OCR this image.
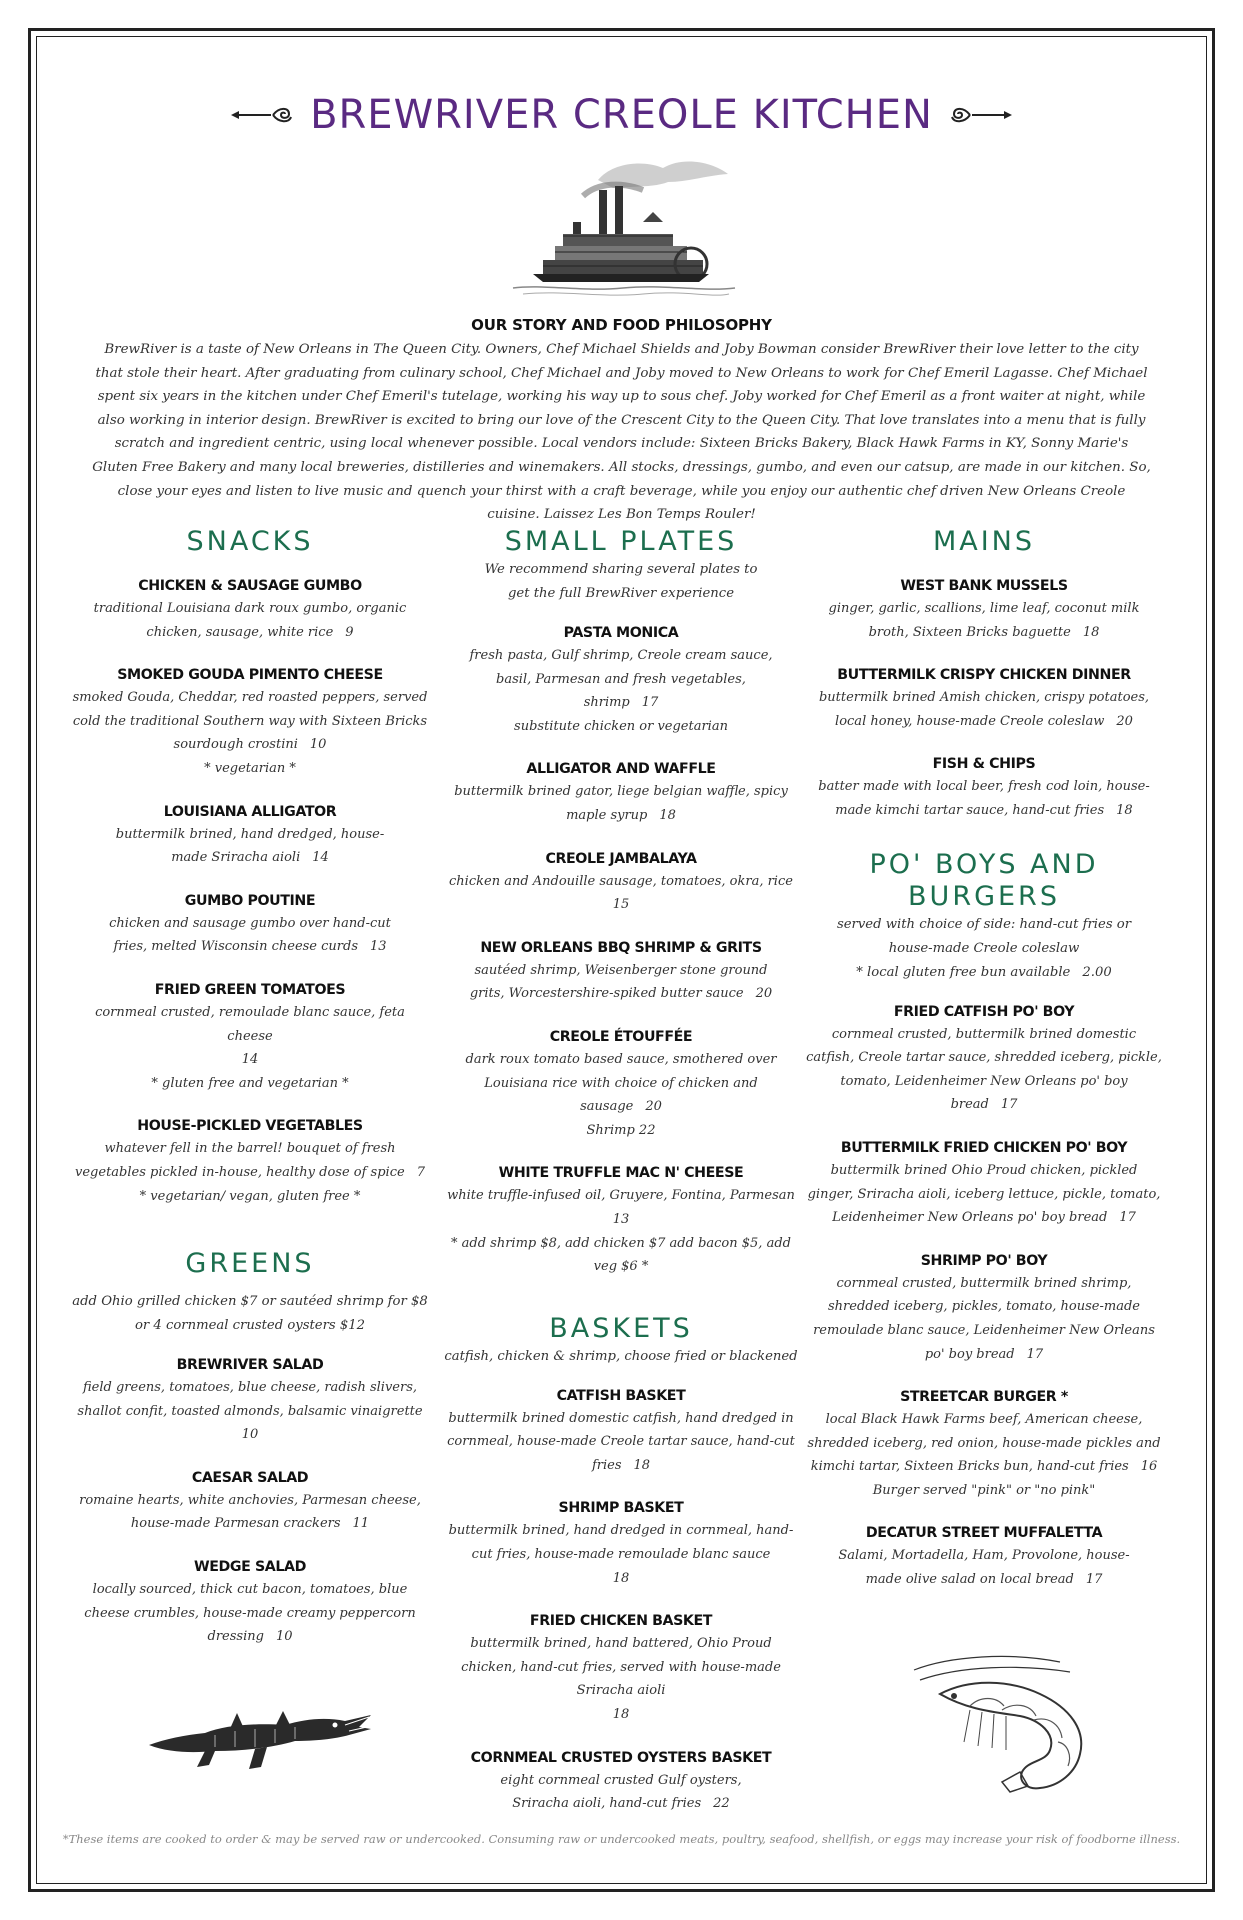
BREWRIVER CREOLE KITCHEN
OUR STORY AND FOOD PHILOSOPHY
BrewRiver is a taste of New Orleans in The Queen City. Owners, Chef Michael Shields and Joby Bowman consider BrewRiver their love letter to the city that stole their heart. After graduating from culinary school, Chef Michael and Joby moved to New Orleans to work for Chef Emeril Lagasse. Chef Michael spent six years in the kitchen under Chef Emeril's tutelage, working his way up to sous chef. Joby worked for Chef Emeril as a front waiter at night, while also working in interior design. BrewRiver is excited to bring our love of the Crescent City to the Queen City. That love translates into a menu that is fully scratch and ingredient centric, using local whenever possible. Local vendors include: Sixteen Bricks Bakery, Black Hawk Farms in KY, Sonny Marie's Gluten Free Bakery and many local breweries, distilleries and winemakers. All stocks, dressings, gumbo, and even our catsup, are made in our kitchen. So, close your eyes and listen to live music and quench your thirst with a craft beverage, while you enjoy our authentic chef driven New Orleans Creole cuisine. Laissez Les Bon Temps Rouler!
SNACKS
CHICKEN & SAUSAGE GUMBO
traditional Louisiana dark roux gumbo, organic chicken, sausage, white rice 9
SMOKED GOUDA PIMENTO CHEESE
smoked Gouda, Cheddar, red roasted peppers, served cold the traditional Southern way with Sixteen Bricks sourdough crostini 10
* vegetarian *
LOUISIANA ALLIGATOR
buttermilk brined, hand dredged, house-made Sriracha aioli 14
GUMBO POUTINE
chicken and sausage gumbo over hand-cut fries, melted Wisconsin cheese curds 13
FRIED GREEN TOMATOES
cornmeal crusted, remoulade blanc sauce, feta cheese
14
* gluten free and vegetarian *
HOUSE-PICKLED VEGETABLES
whatever fell in the barrel! bouquet of fresh vegetables pickled in-house, healthy dose of spice 7
* vegetarian/ vegan, gluten free *
GREENS
add Ohio grilled chicken $7 or sautéed shrimp for $8 or 4 cornmeal crusted oysters $12
BREWRIVER SALAD
field greens, tomatoes, blue cheese, radish slivers, shallot confit, toasted almonds, balsamic vinaigrette
10
CAESAR SALAD
romaine hearts, white anchovies, Parmesan cheese, house-made Parmesan crackers 11
WEDGE SALAD
locally sourced, thick cut bacon, tomatoes, blue cheese crumbles, house-made creamy peppercorn dressing 10
SMALL PLATES
We recommend sharing several plates to get the full BrewRiver experience
PASTA MONICA
fresh pasta, Gulf shrimp, Creole cream sauce, basil, Parmesan and fresh vegetables, shrimp 17
substitute chicken or vegetarian
ALLIGATOR AND WAFFLE
buttermilk brined gator, liege belgian waffle, spicy maple syrup 18
CREOLE JAMBALAYA
chicken and Andouille sausage, tomatoes, okra, rice
15
NEW ORLEANS BBQ SHRIMP & GRITS
sautéed shrimp, Weisenberger stone ground grits, Worcestershire-spiked butter sauce 20
CREOLE ÉTOUFFÉE
dark roux tomato based sauce, smothered over Louisiana rice with choice of chicken and sausage 20
Shrimp 22
WHITE TRUFFLE MAC N' CHEESE
white truffle-infused oil, Gruyere, Fontina, Parmesan
13
* add shrimp $8, add chicken $7 add bacon $5, add veg $6 *
BASKETS
catfish, chicken & shrimp, choose fried or blackened
CATFISH BASKET
buttermilk brined domestic catfish, hand dredged in cornmeal, house-made Creole tartar sauce, hand-cut fries 18
SHRIMP BASKET
buttermilk brined, hand dredged in cornmeal, hand-cut fries, house-made remoulade blanc sauce
18
FRIED CHICKEN BASKET
buttermilk brined, hand battered, Ohio Proud chicken, hand-cut fries, served with house-made Sriracha aioli
18
CORNMEAL CRUSTED OYSTERS BASKET
eight cornmeal crusted Gulf oysters, Sriracha aioli, hand-cut fries 22
MAINS
WEST BANK MUSSELS
ginger, garlic, scallions, lime leaf, coconut milk broth, Sixteen Bricks baguette 18
BUTTERMILK CRISPY CHICKEN DINNER
buttermilk brined Amish chicken, crispy potatoes, local honey, house-made Creole coleslaw 20
FISH & CHIPS
batter made with local beer, fresh cod loin, house-made kimchi tartar sauce, hand-cut fries 18
PO' BOYS AND BURGERS
served with choice of side: hand-cut fries or house-made Creole coleslaw
* local gluten free bun available 2.00
FRIED CATFISH PO' BOY
cornmeal crusted, buttermilk brined domestic catfish, Creole tartar sauce, shredded iceberg, pickle, tomato, Leidenheimer New Orleans po' boy bread 17
BUTTERMILK FRIED CHICKEN PO' BOY
buttermilk brined Ohio Proud chicken, pickled ginger, Sriracha aioli, iceberg lettuce, pickle, tomato, Leidenheimer New Orleans po' boy bread 17
SHRIMP PO' BOY
cornmeal crusted, buttermilk brined shrimp, shredded iceberg, pickles, tomato, house-made remoulade blanc sauce, Leidenheimer New Orleans po' boy bread 17
STREETCAR BURGER *
local Black Hawk Farms beef, American cheese, shredded iceberg, red onion, house-made pickles and kimchi tartar, Sixteen Bricks bun, hand-cut fries 16
Burger served "pink" or "no pink"
DECATUR STREET MUFFALETTA
Salami, Mortadella, Ham, Provolone, house-made olive salad on local bread 17
*These items are cooked to order & may be served raw or undercooked. Consuming raw or undercooked meats, poultry, seafood, shellfish, or eggs may increase your risk of foodborne illness.
